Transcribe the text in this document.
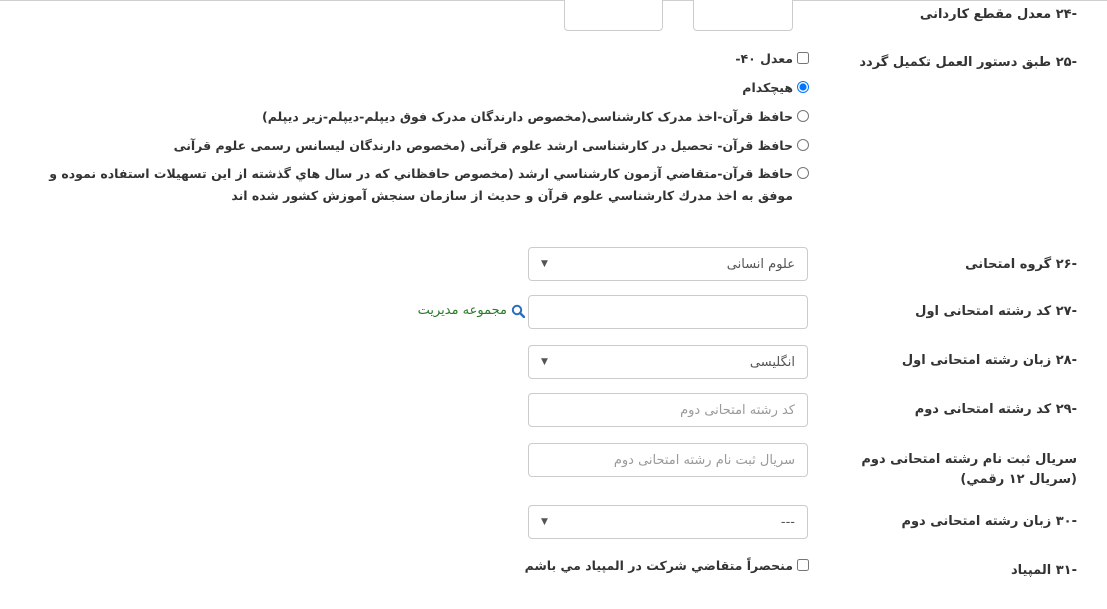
-۲۴ معدل مقطع کاردانی
-۲۵ طبق دستور العمل تکمیل گردد
معدل ۴۰-
هيچكدام
حافظ قرآن-اخذ مدرک کارشناسی(مخصوص دارندگان مدرک فوق ديپلم-ديپلم-زير ديپلم)
حافظ قرآن- تحصيل در کارشناسی ارشد علوم قرآنی (مخصوص دارندگان ليسانس رسمی علوم قرآنی
حافظ قرآن-متقاضي آزمون كارشناسي ارشد (مخصوص حافظاني كه در سال هاي گذشته از اين تسهيلات استفاده نموده و موفق به اخذ مدرك كارشناسي علوم قرآن و حديث از سازمان سنجش آموزش كشور شده اند
-۲۶ گروه امتحانی
علوم انسانی
▼
-۲۷ کد رشته امتحانی اول
مجموعه مديريت
-۲۸ زبان رشته امتحانی اول
انگلیسی
▼
-۲۹ کد رشته امتحانی دوم
کد رشته امتحانی دوم
سریال ثبت نام رشته امتحانی دوم (سریال ۱۲ رقمي)
سریال ثبت نام رشته امتحانی دوم
-۳۰ زبان رشته امتحانی دوم
---
▼
-۳۱ المپیاد
منحصراً متقاضي شرکت در المپياد مي باشم
